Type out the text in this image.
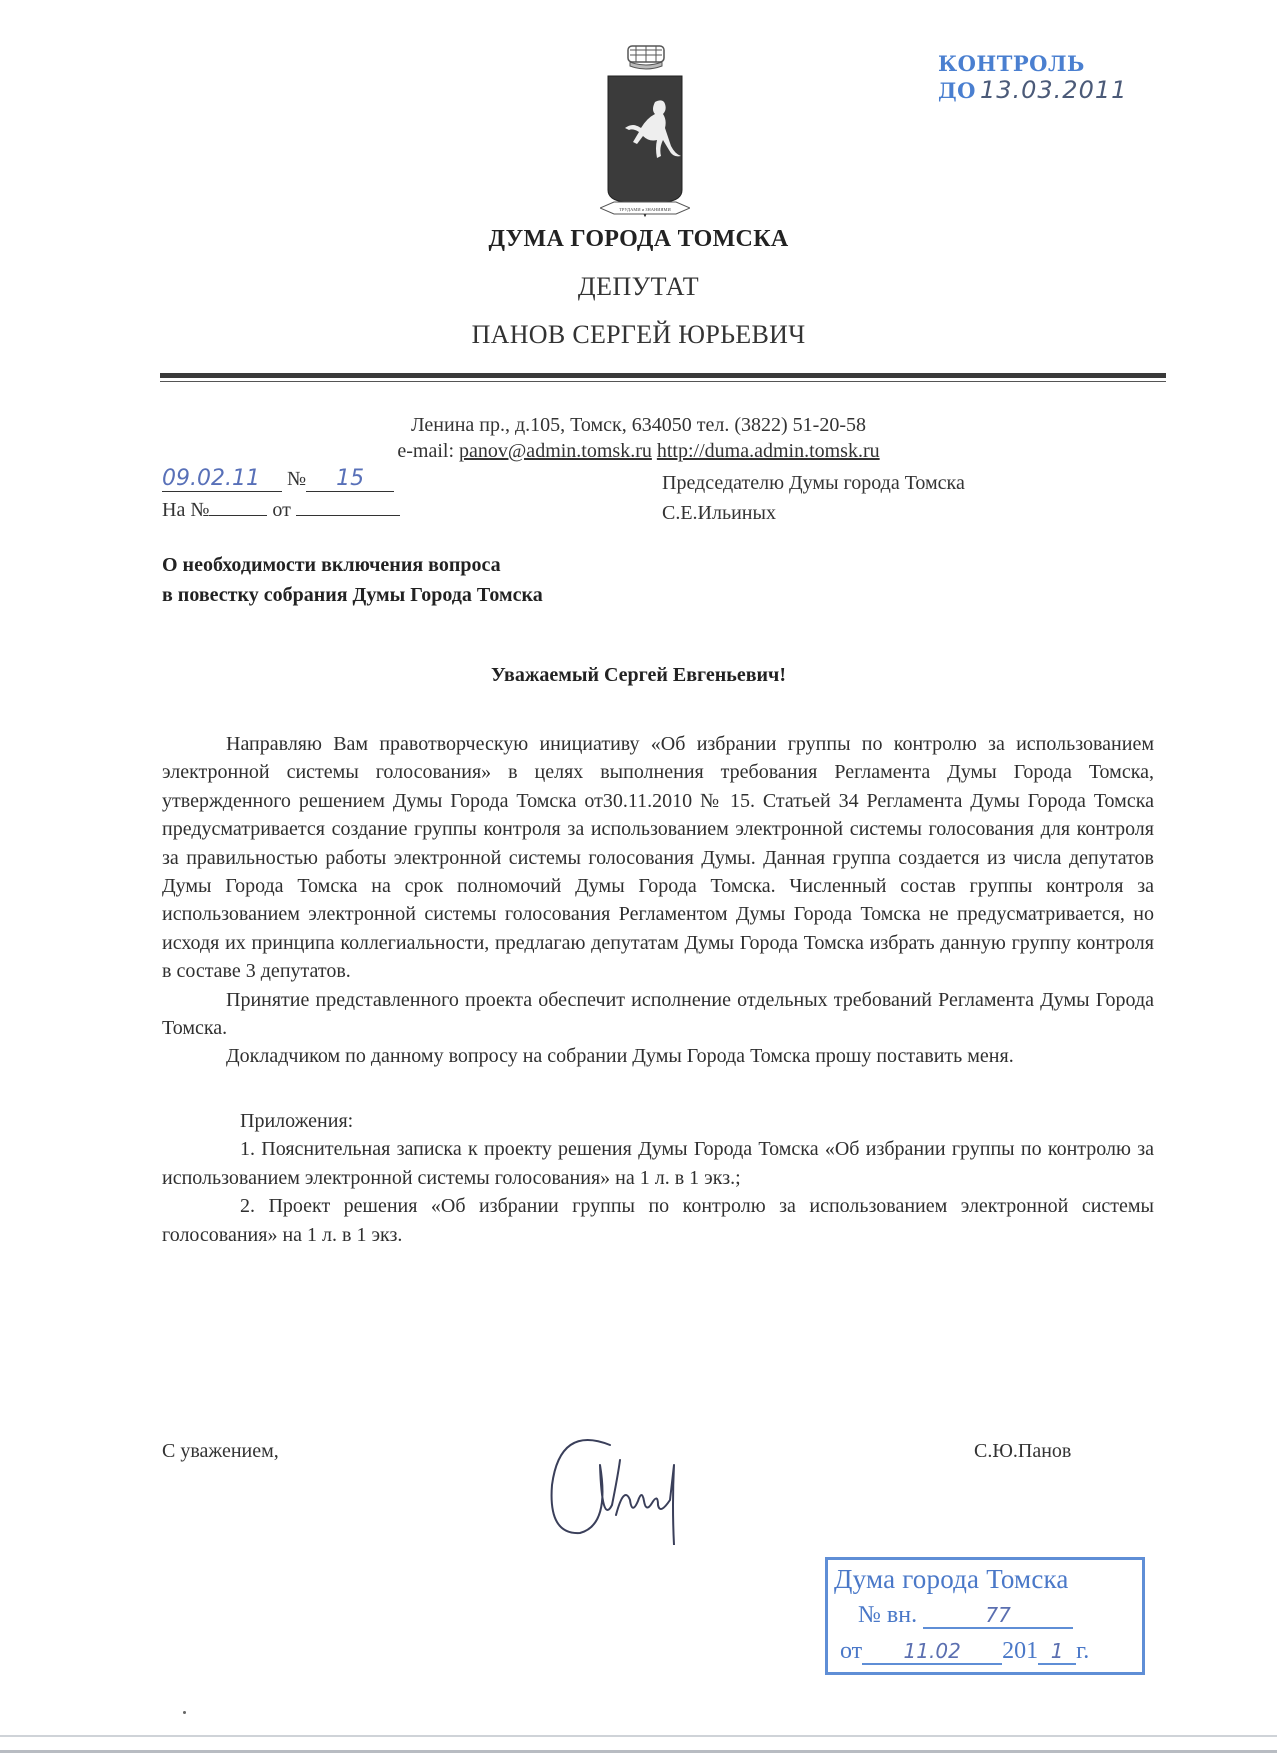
ТРУДАМИ и ЗНАНИЯМИ
КОНТРОЛЬ
ДО 13.03.2011
ДУМА ГОРОДА ТОМСКА
ДЕПУТАТ
ПАНОВ СЕРГЕЙ ЮРЬЕВИЧ
Ленина пр., д.105, Томск, 634050 тел. (3822) 51-20-58
e-mail: panov@admin.tomsk.ru http://duma.admin.tomsk.ru
09.02.11 № 15
На №	от
Председателю Думы города Томска
С.Е.Ильиных
О необходимости включения вопроса
в повестку собрания Думы Города Томска
Уважаемый Сергей Евгеньевич!

Направляю Вам правотворческую инициативу «Об избрании группы по контролю за использованием электронной системы голосования» в целях выполнения требования Регламента Думы Города Томска, утвержденного решением Думы Города Томска от30.11.2010 № 15. Статьей 34 Регламента Думы Города Томска предусматривается создание группы контроля за использованием электронной системы голосования для контроля за правильностью работы электронной системы голосования Думы. Данная группа создается из числа депутатов Думы Города Томска на срок полномочий Думы Города Томска. Численный состав группы контроля за использованием электронной системы голосования Регламентом Думы Города Томска не предусматривается, но исходя их принципа коллегиальности, предлагаю депутатам Думы Города Томска избрать данную группу контроля в составе 3 депутатов.

Принятие представленного проекта обеспечит исполнение отдельных требований Регламента Думы Города Томска.

Докладчиком по данному вопросу на собрании Думы Города Томска прошу поставить меня.

Приложения:

1. Пояснительная записка к проекту решения Думы Города Томска «Об избрании группы по контролю за использованием электронной системы голосования» на 1 л. в 1 экз.;

2. Проект решения «Об избрании группы по контролю за использованием электронной системы голосования» на 1 л. в 1 экз.

С уважением,	С.Ю.Панов
Дума города Томска
№ вн.	77
от 11.02 201 1 г.
